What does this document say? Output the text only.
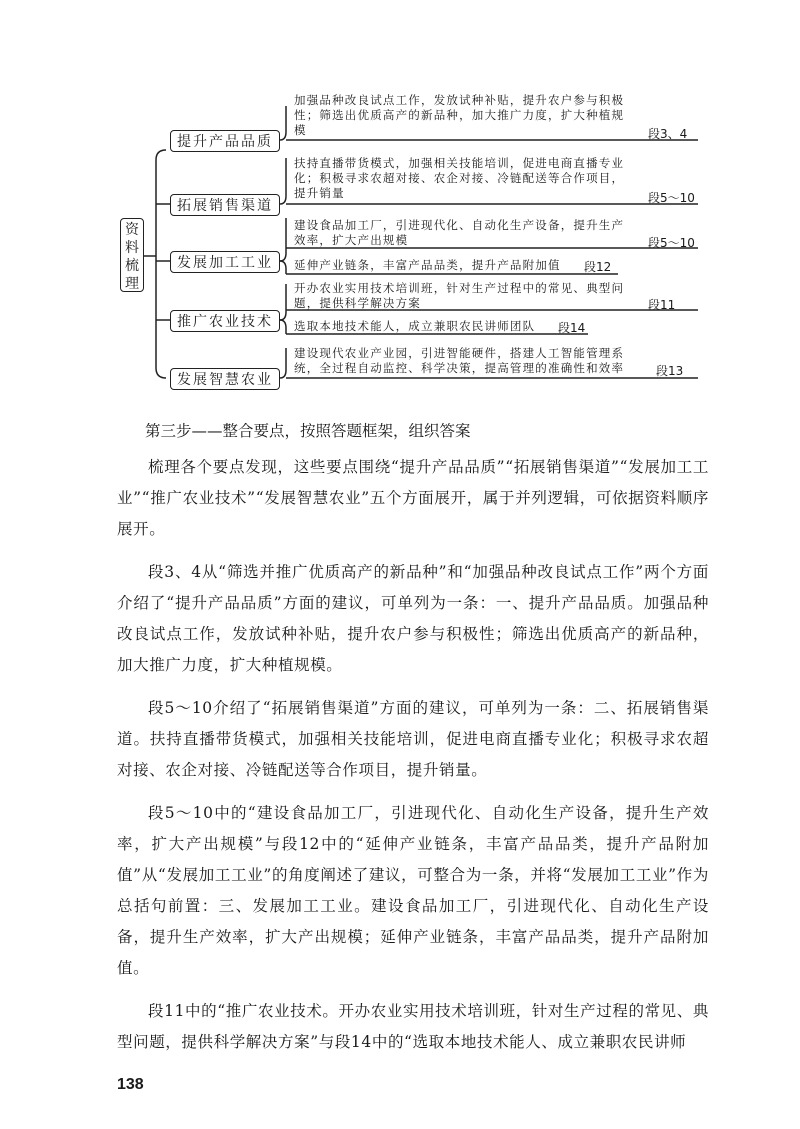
资料梳理
提升产品品质
加强品种改良试点工作，发放试种补贴，提升农户参与积极性；筛选出优质高产的新品种，加大推广力度，扩大种植规模	段3、4
拓展销售渠道
扶持直播带货模式，加强相关技能培训，促进电商直播专业化；积极寻求农超对接、农企对接、冷链配送等合作项目，提升销量	段5～10
发展加工工业
建设食品加工厂，引进现代化、自动化生产设备，提升生产效率，扩大产出规模	段5～10
延伸产业链条，丰富产品品类，提升产品附加值 段12
推广农业技术
开办农业实用技术培训班，针对生产过程中的常见、典型问题，提供科学解决方案	段11
选取本地技术能人，成立兼职农民讲师团队	段14
发展智慧农业
建设现代农业产业园，引进智能硬件，搭建人工智能管理系统，全过程自动监控、科学决策，提高管理的准确性和效率	段13
第三步——整合要点，按照答题框架，组织答案

梳理各个要点发现，这些要点围绕“提升产品品质”“拓展销售渠道”“发展加工工业”“推广农业技术”“发展智慧农业”五个方面展开，属于并列逻辑，可依据资料顺序展开。

段3、4从“筛选并推广优质高产的新品种”和“加强品种改良试点工作”两个方面介绍了“提升产品品质”方面的建议，可单列为一条：一、提升产品品质。加强品种改良试点工作，发放试种补贴，提升农户参与积极性；筛选出优质高产的新品种，加大推广力度，扩大种植规模。

段5～10介绍了“拓展销售渠道”方面的建议，可单列为一条：二、拓展销售渠道。扶持直播带货模式，加强相关技能培训，促进电商直播专业化；积极寻求农超对接、农企对接、冷链配送等合作项目，提升销量。

段5～10中的“建设食品加工厂，引进现代化、自动化生产设备，提升生产效率，扩大产出规模”与段12中的“延伸产业链条，丰富产品品类，提升产品附加值”从“发展加工工业”的角度阐述了建议，可整合为一条，并将“发展加工工业”作为总括句前置：三、发展加工工业。建设食品加工厂，引进现代化、自动化生产设备，提升生产效率，扩大产出规模；延伸产业链条，丰富产品品类，提升产品附加值。

段11中的“推广农业技术。开办农业实用技术培训班，针对生产过程的常见、典型问题，提供科学解决方案”与段14中的“选取本地技术能人、成立兼职农民讲师

138
